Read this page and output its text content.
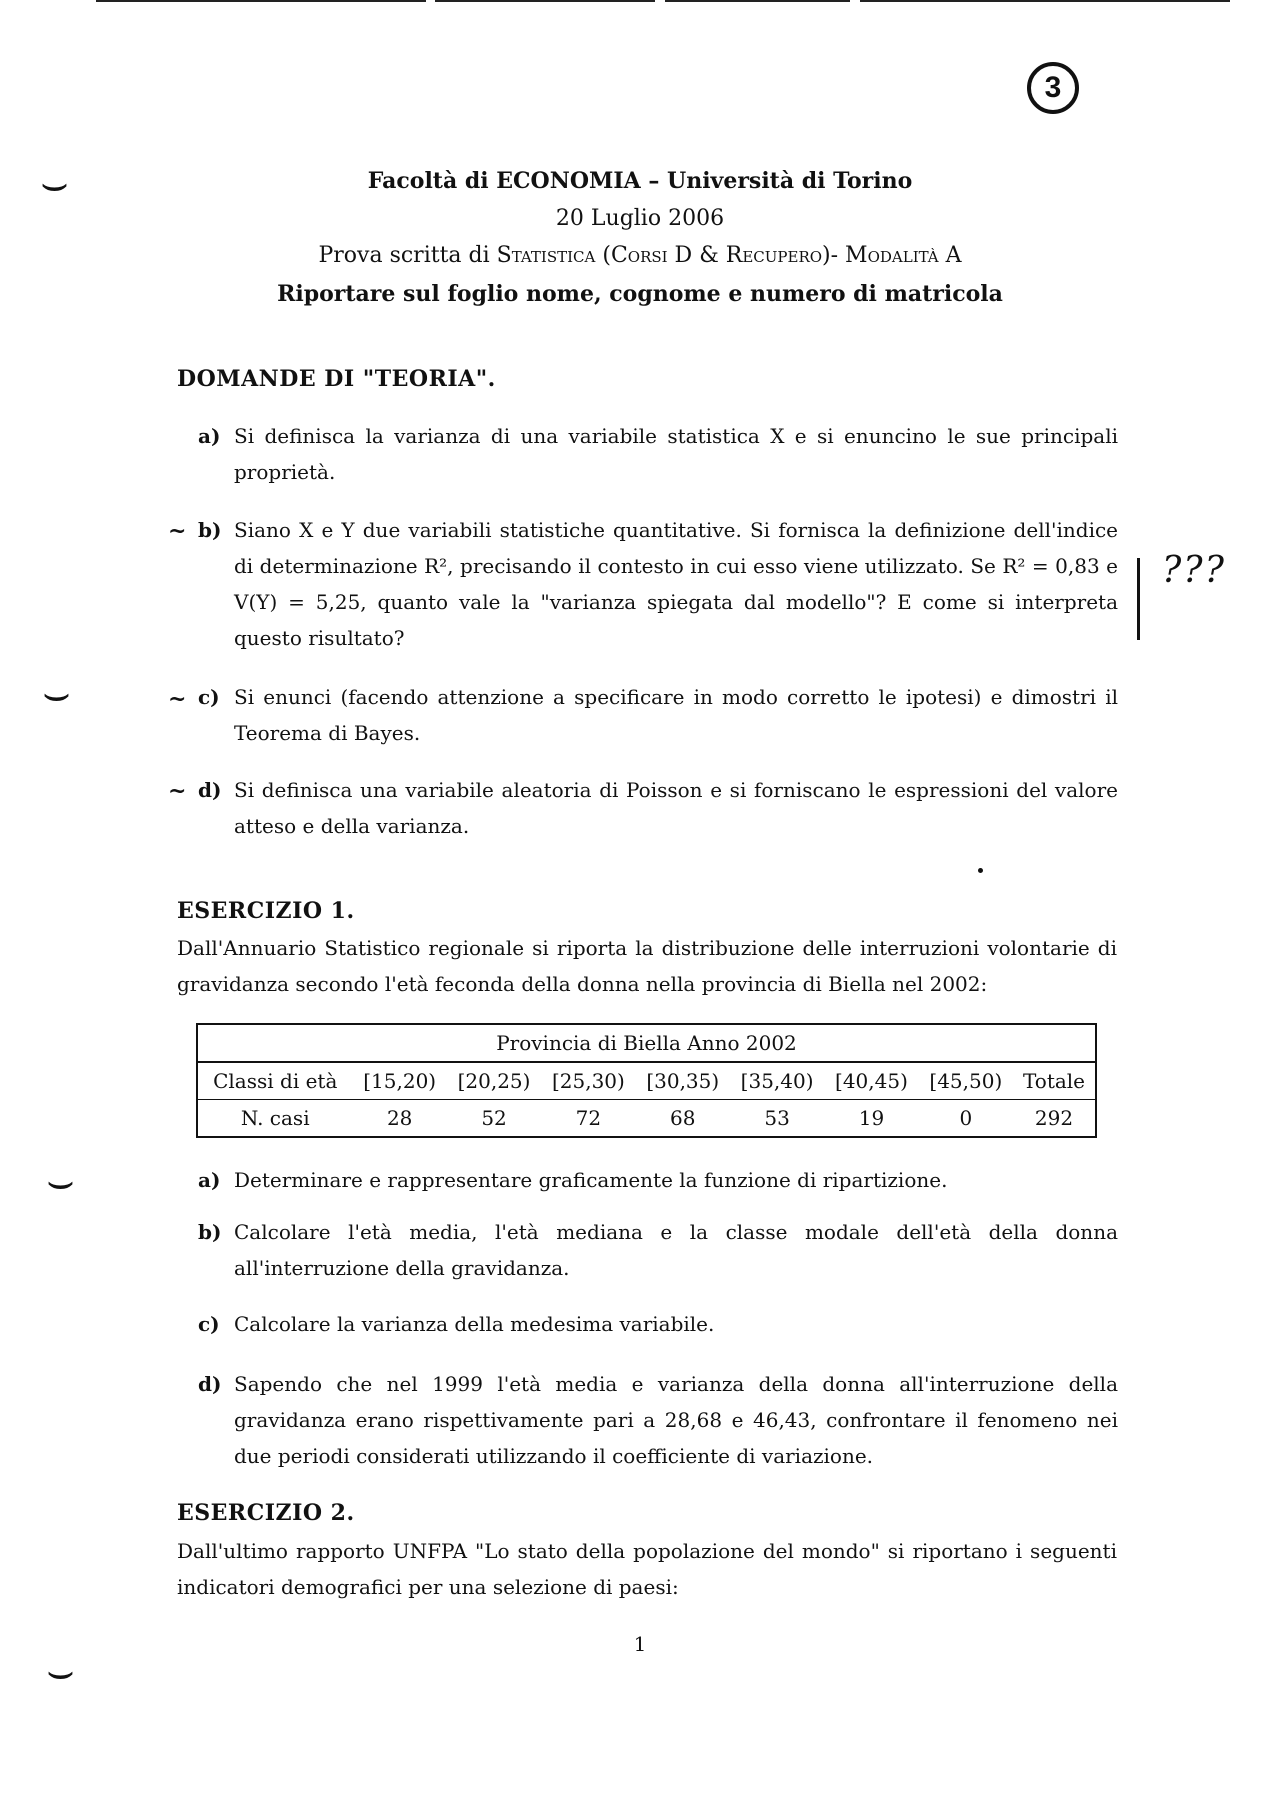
3
⌣
⌣
⌣
⌣
Facoltà di ECONOMIA – Università di Torino
20 Luglio 2006
Prova scritta di Statistica (Corsi D & Recupero)- Modalità A
Riportare sul foglio nome, cognome e numero di matricola
DOMANDE DI "TEORIA".
a) Si definisca la varianza di una variabile statistica X e si enuncino le sue principali proprietà.
~ b) Siano X e Y due variabili statistiche quantitative. Si fornisca la definizione dell'indice di determinazione R², precisando il contesto in cui esso viene utilizzato. Se R² = 0,83 e V(Y) = 5,25, quanto vale la "varianza spiegata dal modello"? E come si interpreta questo risultato?
???
~ c) Si enunci (facendo attenzione a specificare in modo corretto le ipotesi) e dimostri il Teorema di Bayes.
~ d) Si definisca una variabile aleatoria di Poisson e si forniscano le espressioni del valore atteso e della varianza.
ESERCIZIO 1.
Dall'Annuario Statistico regionale si riporta la distribuzione delle interruzioni volontarie di gravidanza secondo l'età feconda della donna nella provincia di Biella nel 2002:
Provincia di Biella Anno 2002								
Classi di età	[15,20)	[20,25)	[25,30)	[30,35)	[35,40)	[40,45)	[45,50)	Totale
N. casi	28	52	72	68	53	19	0	292
a) Determinare e rappresentare graficamente la funzione di ripartizione.
b) Calcolare l'età media, l'età mediana e la classe modale dell'età della donna all'interruzione della gravidanza.
c) Calcolare la varianza della medesima variabile.
d) Sapendo che nel 1999 l'età media e varianza della donna all'interruzione della gravidanza erano rispettivamente pari a 28,68 e 46,43, confrontare il fenomeno nei due periodi considerati utilizzando il coefficiente di variazione.
ESERCIZIO 2.
Dall'ultimo rapporto UNFPA "Lo stato della popolazione del mondo" si riportano i seguenti indicatori demografici per una selezione di paesi:
1
